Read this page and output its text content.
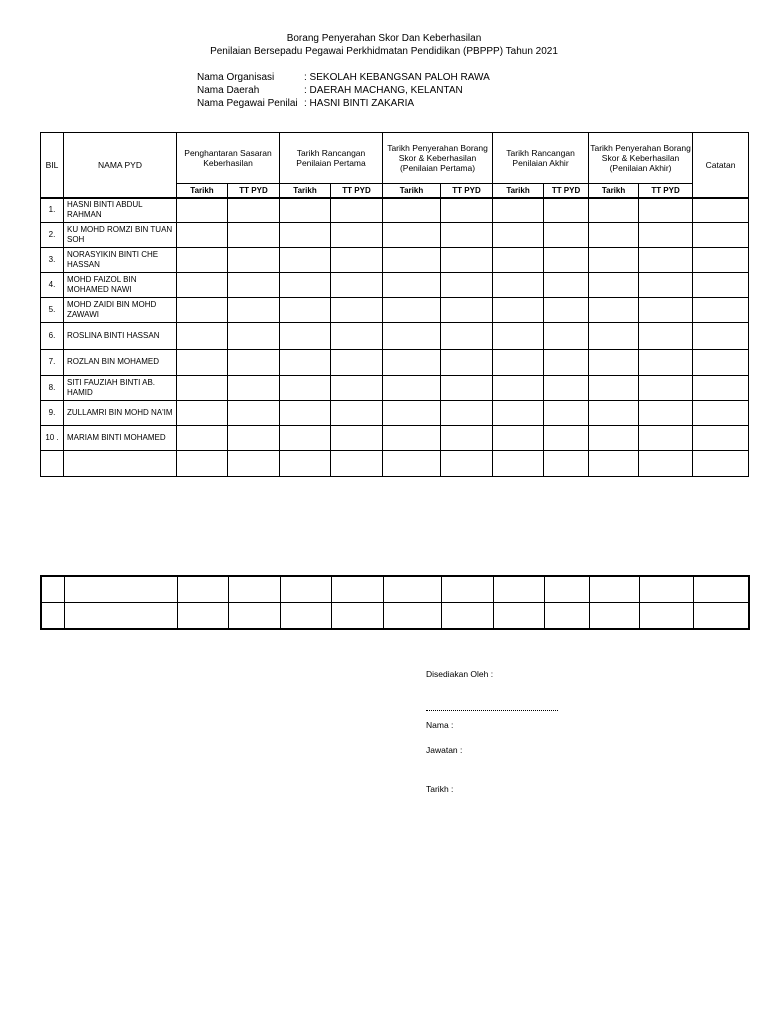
Borang Penyerahan Skor Dan Keberhasilan
Penilaian Bersepadu Pegawai Perkhidmatan Pendidikan (PBPPP) Tahun 2021
Nama Organisasi	: SEKOLAH KEBANGSAN PALOH RAWA
Nama Daerah	: DAERAH MACHANG, KELANTAN
Nama Pegawai Penilai : HASNI BINTI ZAKARIA
BIL	NAMA PYD	Penghantaran Sasaran Keberhasilan		Tarikh Rancangan Penilaian Pertama		Tarikh Penyerahan Borang Skor & Keberhasilan (Penilaian Pertama)		Tarikh Rancangan Penilaian Akhir		Tarikh Penyerahan Borang Skor & Keberhasilan (Penilaian Akhir)		Catatan
		Tarikh	TT PYD	Tarikh	TT PYD	Tarikh	TT PYD	Tarikh	TT PYD	Tarikh	TT PYD	
1.	HASNI BINTI ABDUL RAHMAN											
2.	KU MOHD ROMZI BIN TUAN SOH											
3.	NORASYIKIN BINTI CHE HASSAN											
4.	MOHD FAIZOL BIN MOHAMED NAWI											
5.	MOHD ZAIDI BIN MOHD ZAWAWI											
6.	ROSLINA BINTI HASSAN											
7.	ROZLAN BIN MOHAMED											
8.	SITI FAUZIAH BINTI AB. HAMID											
9.	ZULLAMRI BIN MOHD NA'IM											
10 .	MARIAM BINTI MOHAMED											

Disediakan Oleh :
Nama :
Jawatan :
Tarikh :
